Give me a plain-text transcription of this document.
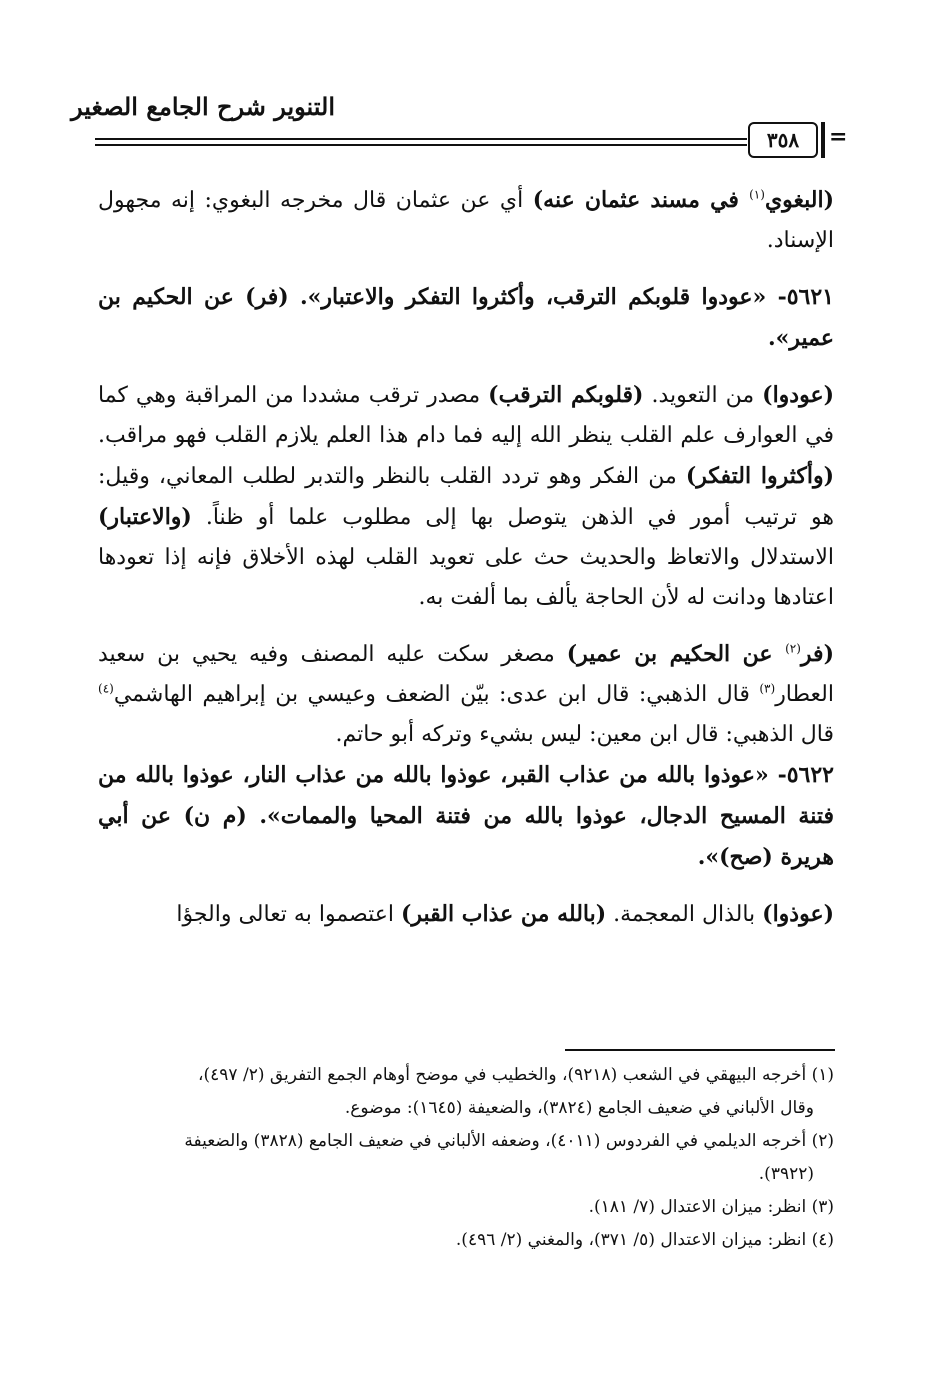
التنوير شرح الجامع الصغير
٣٥٨	=

(البغوي$^{(١)}$ في مسند عثمان عنه) أي عن عثمان قال مخرجه البغوي: إنه مجهول الإسناد.

٥٦٢١- «عودوا قلوبكم الترقب، وأكثروا التفكر والاعتبار». (فر) عن الحكيم بن عمير».

(عودوا) من التعويد. (قلوبكم الترقب) مصدر ترقب مشددا من المراقبة وهي كما في العوارف علم القلب ينظر الله إليه فما دام هذا العلم يلازم القلب فهو مراقب. (وأكثروا التفكر) من الفكر وهو تردد القلب بالنظر والتدبر لطلب المعاني، وقيل: هو ترتيب أمور في الذهن يتوصل بها إلى مطلوب علما أو ظناً. (والاعتبار) الاستدلال والاتعاظ والحديث حث على تعويد القلب لهذه الأخلاق فإنه إذا تعودها اعتادها ودانت له لأن الحاجة يألف بما ألفت به.

(فر$^{(٢)}$ عن الحكيم بن عمير) مصغر سكت عليه المصنف وفيه يحيي بن سعيد العطار$^{(٣)}$ قال الذهبي: قال ابن عدى: بيّن الضعف وعيسي بن إبراهيم الهاشمي$^{(٤)}$ قال الذهبي: قال ابن معين: ليس بشيء وتركه أبو حاتم.

٥٦٢٢- «عوذوا بالله من عذاب القبر، عوذوا بالله من عذاب النار، عوذوا بالله من فتنة المسيح الدجال، عوذوا بالله من فتنة المحيا والممات». (م ن) عن أبي هريرة (صح)».

(عوذوا) بالذال المعجمة. (بالله من عذاب القبر) اعتصموا به تعالى والجؤا

(١) أخرجه البيهقي في الشعب (٩٢١٨)، والخطيب في موضح أوهام الجمع التفريق (٢/ ٤٩٧)،

وقال الألباني في ضعيف الجامع (٣٨٢٤)، والضعيفة (١٦٤٥): موضوع.

(٢) أخرجه الديلمي في الفردوس (٤٠١١)، وضعفه الألباني في ضعيف الجامع (٣٨٢٨) والضعيفة

(٣٩٢٢).

(٣) انظر: ميزان الاعتدال (٧/ ١٨١).

(٤) انظر: ميزان الاعتدال (٥/ ٣٧١)، والمغني (٢/ ٤٩٦).
